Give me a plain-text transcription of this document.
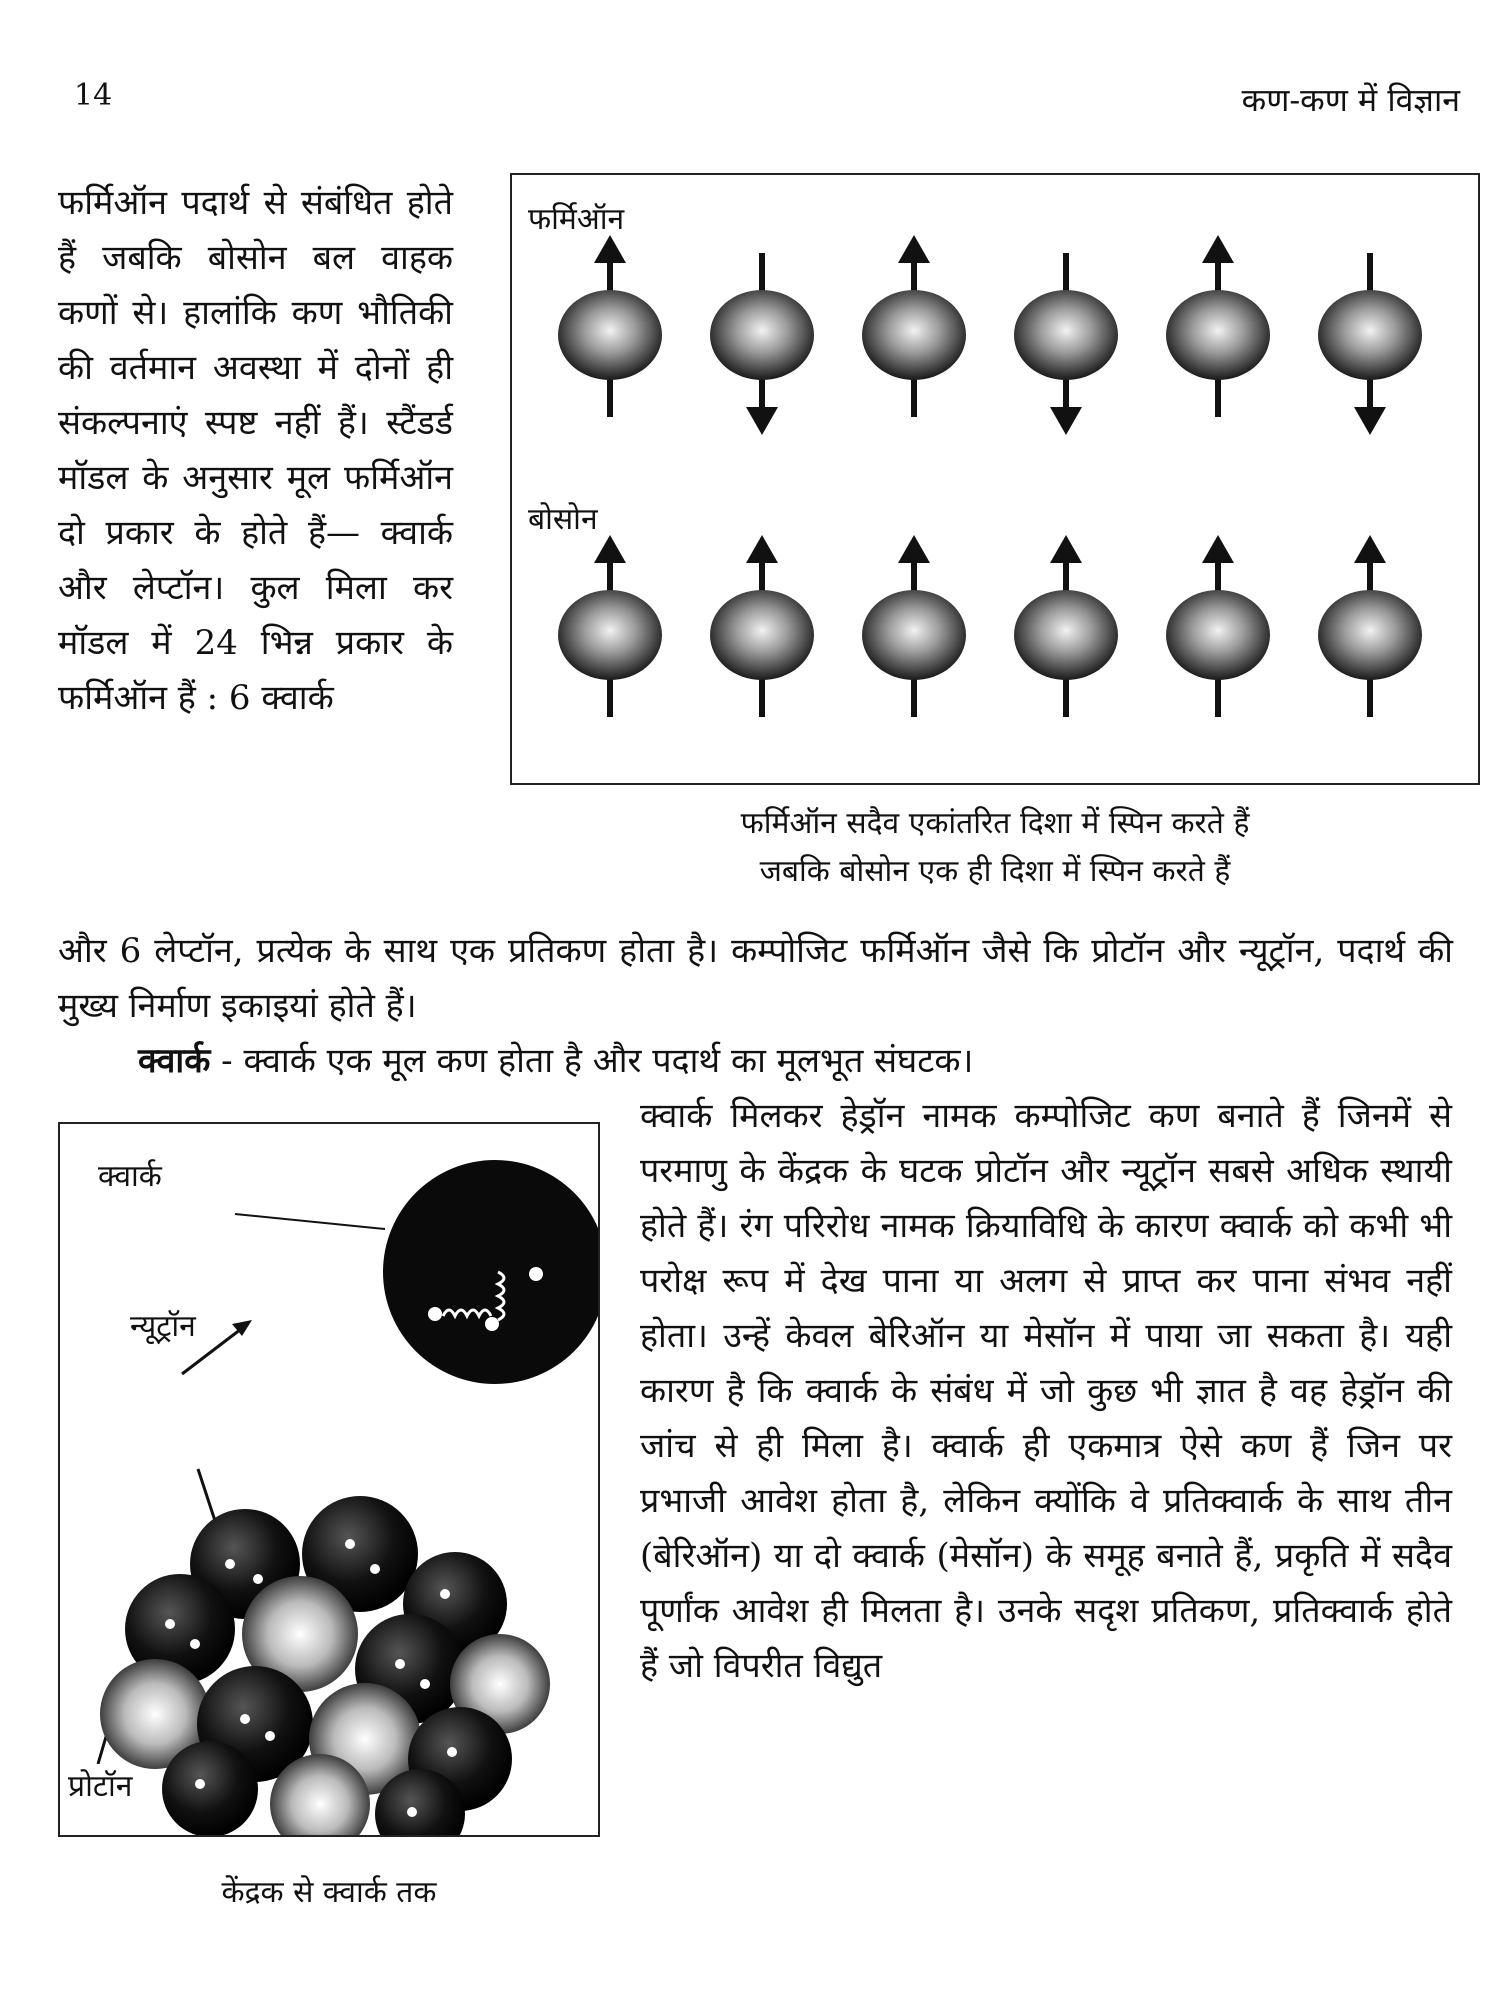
14	कण-कण में विज्ञान

फर्मिऑन पदार्थ से संबंधित होते हैं जबकि बोसोन बल वाहक कणों से। हालांकि कण भौतिकी की वर्तमान अवस्था में दोनों ही संकल्पनाएं स्पष्ट नहीं हैं। स्टैंडर्ड मॉडल के अनुसार मूल फर्मिऑन दो प्रकार के होते हैं— क्वार्क और लेप्टॉन। कुल मिला कर मॉडल में 24 भिन्न प्रकार के फर्मिऑन हैं : 6 क्वार्क

फर्मिऑन
बोसोन
फर्मिऑन सदैव एकांतरित दिशा में स्पिन करते हैं
जबकि बोसोन एक ही दिशा में स्पिन करते हैं

और 6 लेप्टॉन, प्रत्येक के साथ एक प्रतिकण होता है। कम्पोजिट फर्मिऑन जैसे कि प्रोटॉन और न्यूट्रॉन, पदार्थ की मुख्य निर्माण इकाइयां होते हैं।

क्वार्क - क्वार्क एक मूल कण होता है और पदार्थ का मूलभूत संघटक।

क्वार्क
न्यूट्रॉन
प्रोटॉन
केंद्रक से क्वार्क तक

क्वार्क मिलकर हेड्रॉन नामक कम्पोजिट कण बनाते हैं जिनमें से परमाणु के केंद्रक के घटक प्रोटॉन और न्यूट्रॉन सबसे अधिक स्थायी होते हैं। रंग परिरोध नामक क्रियाविधि के कारण क्वार्क को कभी भी परोक्ष रूप में देख पाना या अलग से प्राप्त कर पाना संभव नहीं होता। उन्हें केवल बेरिऑन या मेसॉन में पाया जा सकता है। यही कारण है कि क्वार्क के संबंध में जो कुछ भी ज्ञात है वह हेड्रॉन की जांच से ही मिला है। क्वार्क ही एकमात्र ऐसे कण हैं जिन पर प्रभाजी आवेश होता है, लेकिन क्योंकि वे प्रतिक्वार्क के साथ तीन (बेरिऑन) या दो क्वार्क (मेसॉन) के समूह बनाते हैं, प्रकृति में सदैव पूर्णांक आवेश ही मिलता है। उनके सदृश प्रतिकण, प्रतिक्वार्क होते हैं जो विपरीत विद्युत
